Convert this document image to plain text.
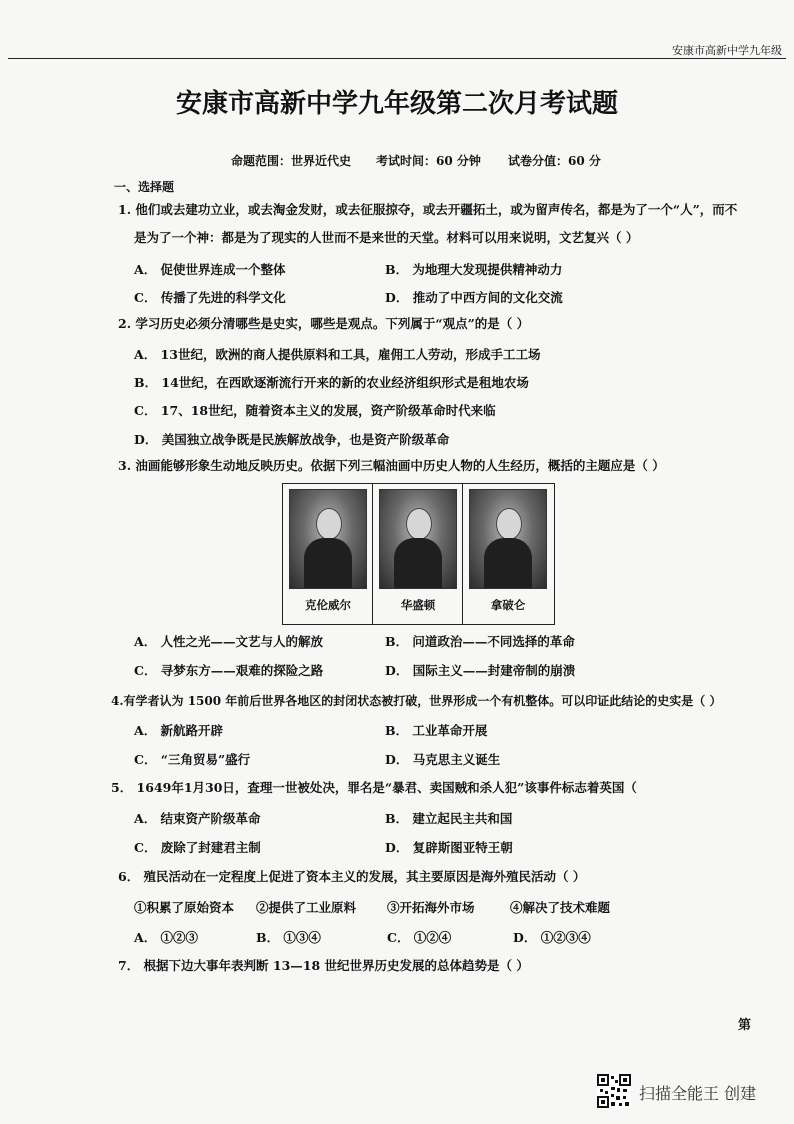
安康市高新中学九年级
安康市高新中学九年级第二次月考试题
命题范围：世界近代史 考试时间：60 分钟 试卷分值：60 分
一、选择题
1. 他们或去建功立业，或去淘金发财，或去征服掠夺，或去开疆拓土，或为留声传名，都是为了一个“人”，而不
是为了一个神：都是为了现实的人世而不是来世的天堂。材料可以用来说明，文艺复兴（ ）
A． 促使世界连成一个整体	B． 为地理大发现提供精神动力
C． 传播了先进的科学文化	D． 推动了中西方间的文化交流
2. 学习历史必须分清哪些是史实，哪些是观点。下列属于“观点”的是（ ）
A． 13世纪，欧洲的商人提供原料和工具，雇佣工人劳动，形成手工工场
B． 14世纪，在西欧逐渐流行开来的新的农业经济组织形式是租地农场
C． 17、18世纪，随着资本主义的发展，资产阶级革命时代来临
D． 美国独立战争既是民族解放战争，也是资产阶级革命
3. 油画能够形象生动地反映历史。依据下列三幅油画中历史人物的人生经历，概括的主题应是（ ）
克伦威尔	华盛顿	拿破仑
A． 人性之光——文艺与人的解放	B． 问道政治——不同选择的革命
C． 寻梦东方——艰难的探险之路	D． 国际主义——封建帝制的崩溃
4.有学者认为 1500 年前后世界各地区的封闭状态被打破，世界形成一个有机整体。可以印证此结论的史实是（ ）
A． 新航路开辟	B． 工业革命开展
C． “三角贸易”盛行	D． 马克思主义诞生
5． 1649年1月30日，查理一世被处决，罪名是“暴君、卖国贼和杀人犯”该事件标志着英国（
A． 结束资产阶级革命	B． 建立起民主共和国
C． 废除了封建君主制	D． 复辟斯图亚特王朝
6． 殖民活动在一定程度上促进了资本主义的发展，其主要原因是海外殖民活动（ ）
①积累了原始资本 ②提供了工业原料 ③开拓海外市场	④解决了技术难题
A． ①②③	B． ①③④	C． ①②④	D． ①②③④
7． 根据下边大事年表判断 13—18 世纪世界历史发展的总体趋势是（ ）
第
扫描全能王 创建
